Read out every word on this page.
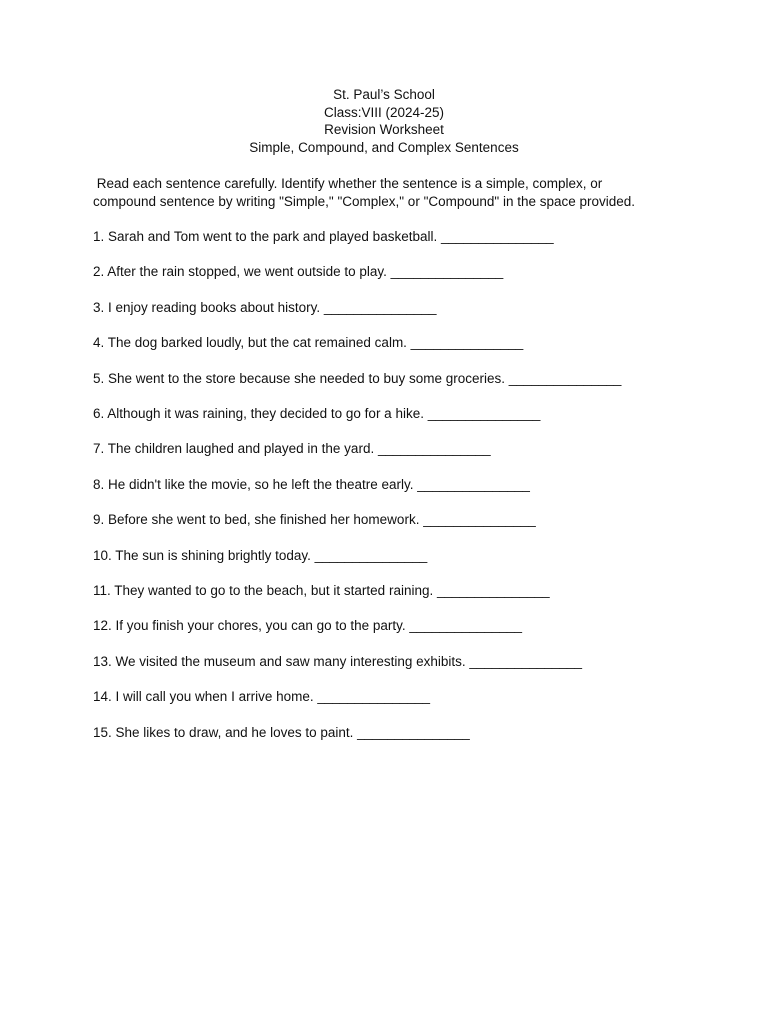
St. Paul’s School
Class:VIII (2024-25)
Revision Worksheet
Simple, Compound, and Complex Sentences
Read each sentence carefully. Identify whether the sentence is a simple, complex, or
compound sentence by writing "Simple," "Complex," or "Compound" in the space provided.
1. Sarah and Tom went to the park and played basketball. _______________
2. After the rain stopped, we went outside to play. _______________
3. I enjoy reading books about history. _______________
4. The dog barked loudly, but the cat remained calm. _______________
5. She went to the store because she needed to buy some groceries. _______________
6. Although it was raining, they decided to go for a hike. _______________
7. The children laughed and played in the yard. _______________
8. He didn't like the movie, so he left the theatre early. _______________
9. Before she went to bed, she finished her homework. _______________
10. The sun is shining brightly today. _______________
11. They wanted to go to the beach, but it started raining. _______________
12. If you finish your chores, you can go to the party. _______________
13. We visited the museum and saw many interesting exhibits. _______________
14. I will call you when I arrive home. _______________
15. She likes to draw, and he loves to paint. _______________
